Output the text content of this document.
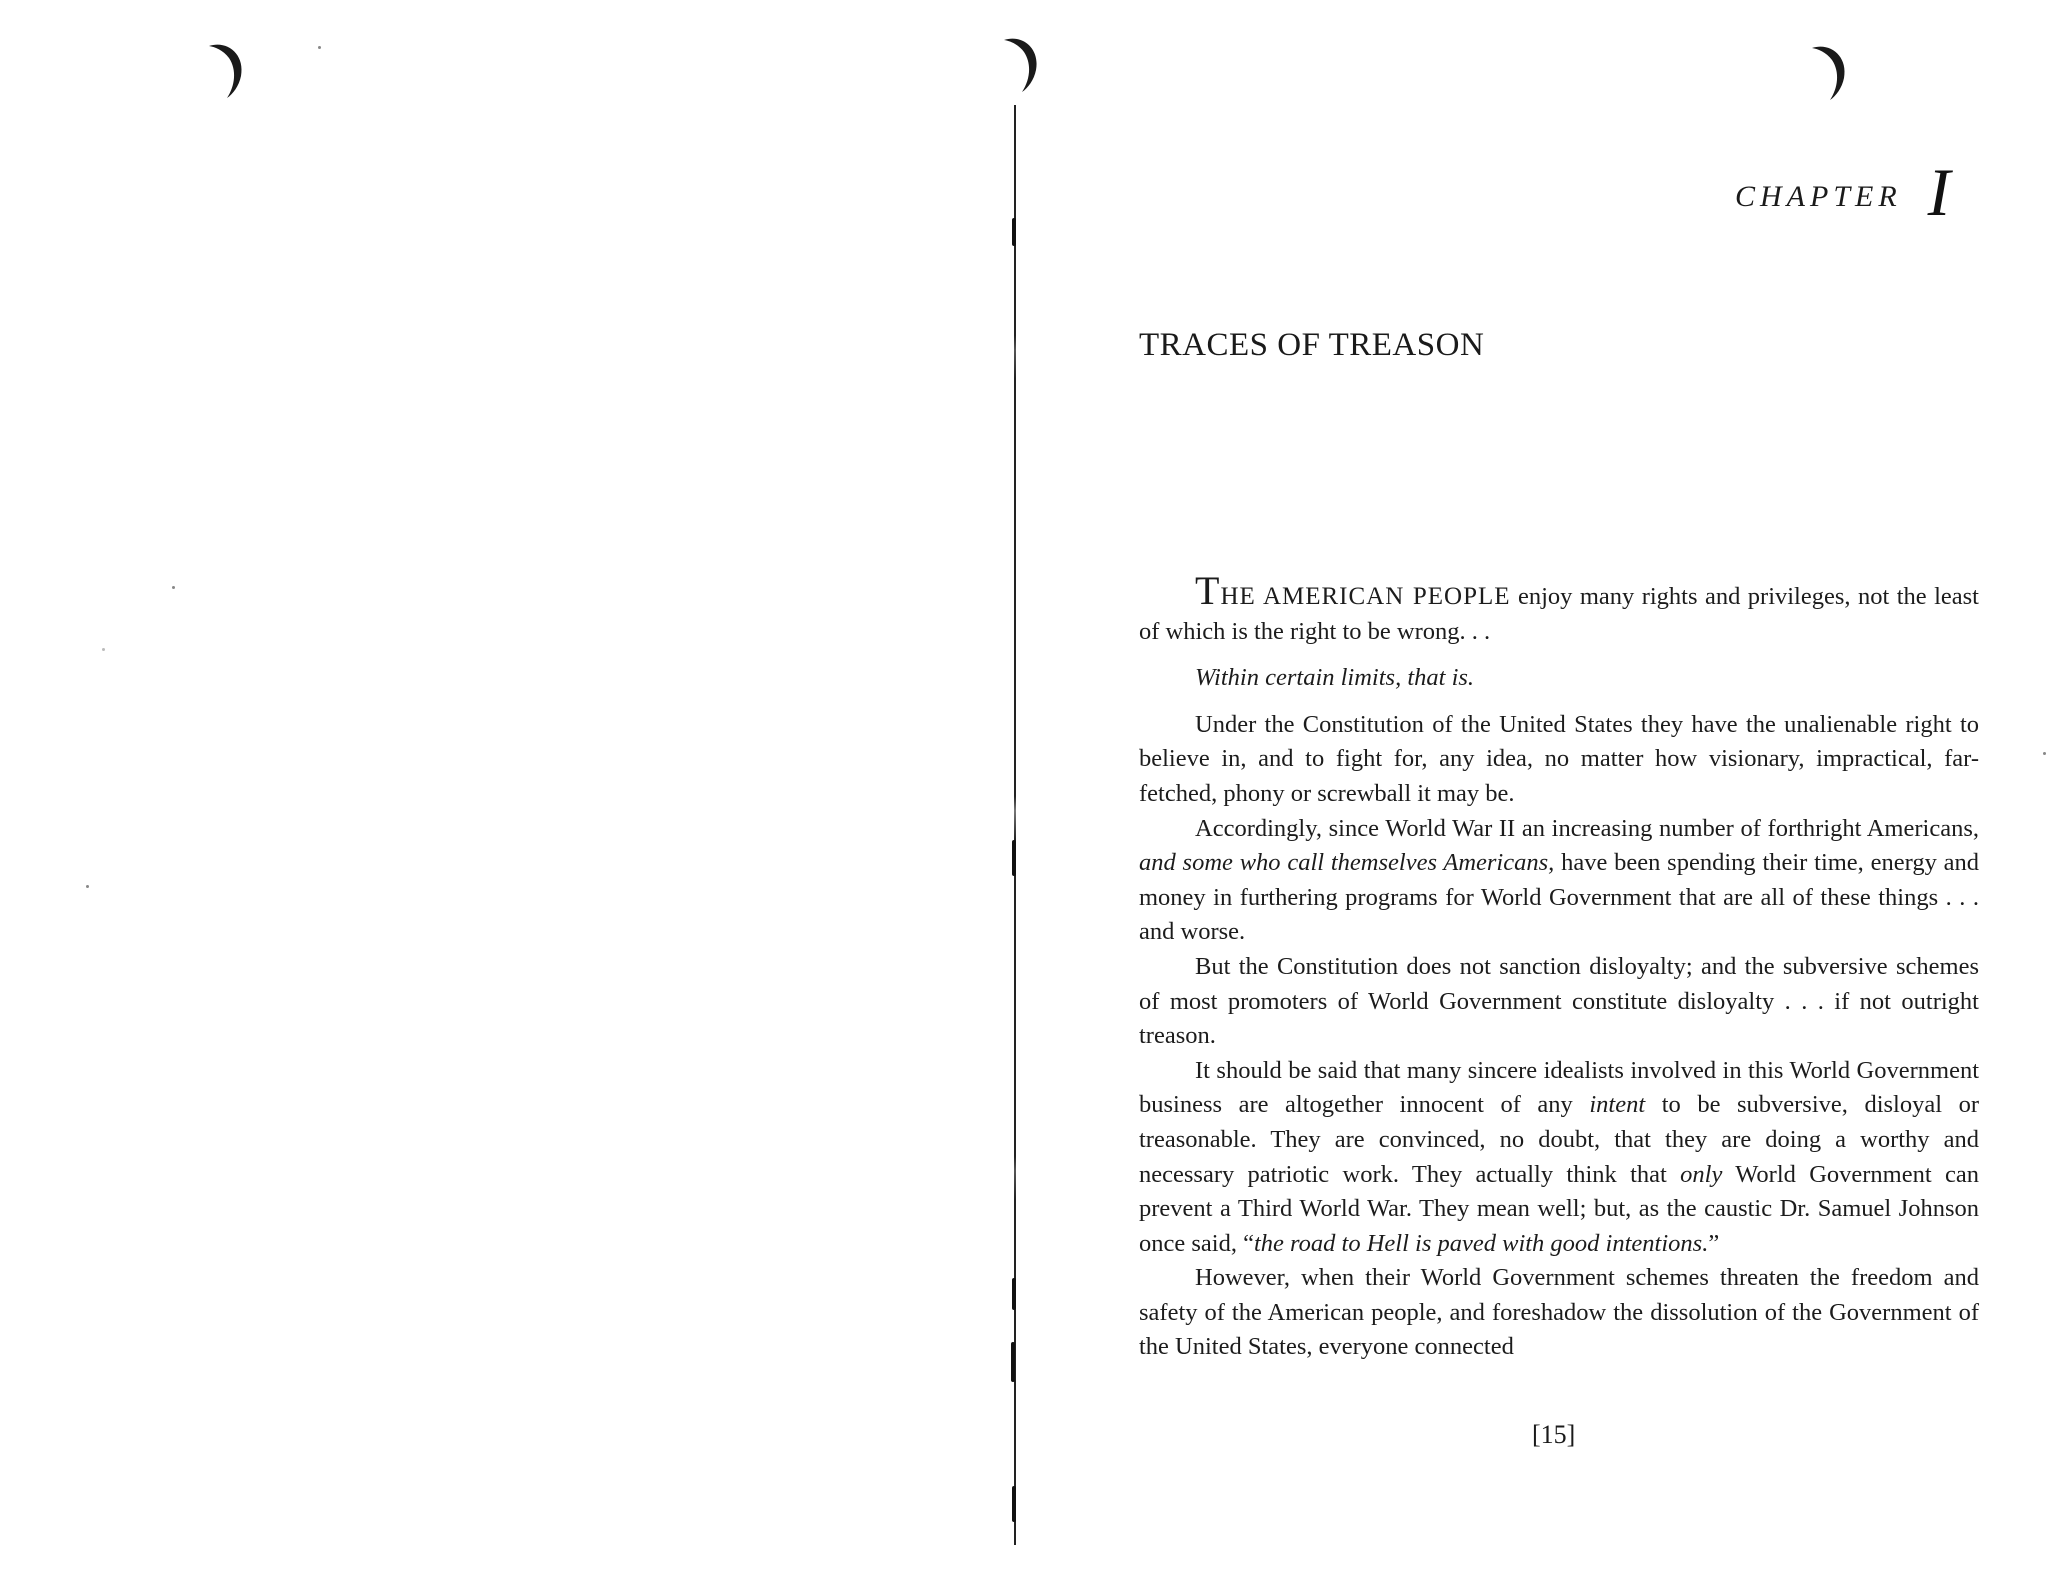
CHAPTER I
TRACES OF TREASON

THE AMERICAN PEOPLE enjoy many rights and privileges, not the least of which is the right to be wrong. . .

Within certain limits, that is.

Under the Constitution of the United States they have the unalienable right to believe in, and to fight for, any idea, no matter how visionary, impractical, far-fetched, phony or screwball it may be.

Accordingly, since World War II an increasing number of forthright Americans, and some who call themselves Americans, have been spending their time, energy and money in furthering programs for World Government that are all of these things . . . and worse.

But the Constitution does not sanction disloyalty; and the subversive schemes of most promoters of World Government constitute disloyalty . . . if not outright treason.

It should be said that many sincere idealists involved in this World Government business are altogether innocent of any intent to be subversive, disloyal or treasonable. They are convinced, no doubt, that they are doing a worthy and necessary patriotic work. They actually think that only World Government can prevent a Third World War. They mean well; but, as the caustic Dr. Samuel Johnson once said, “the road to Hell is paved with good intentions.”

However, when their World Government schemes threaten the freedom and safety of the American people, and foreshadow the dissolution of the Government of the United States, everyone connected

[15]
